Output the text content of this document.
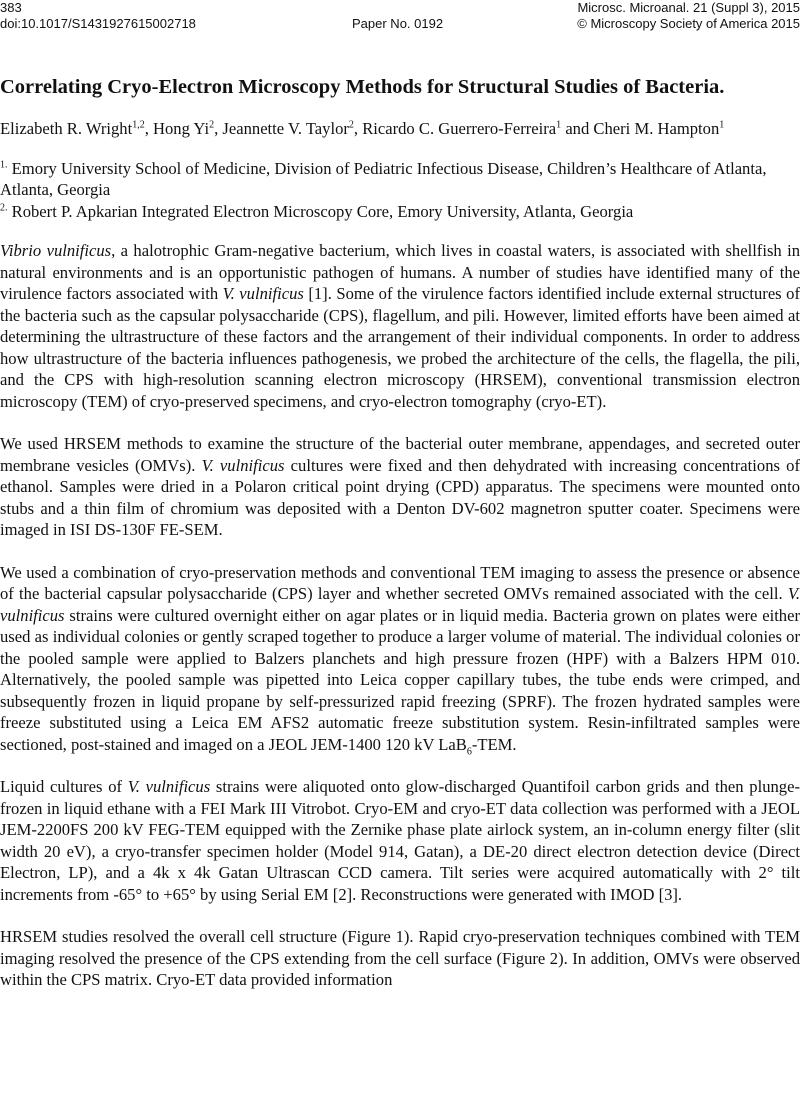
383
doi:10.1017/S1431927615002718	Paper No. 0192
Microsc. Microanal. 21 (Suppl 3), 2015
© Microscopy Society of America 2015
Correlating Cryo-Electron Microscopy Methods for Structural Studies of Bacteria.
Elizabeth R. Wright$^{1,2}$, Hong Yi$^2$, Jeannette V. Taylor$^2$, Ricardo C. Guerrero-Ferreira$^1$ and Cheri M. Hampton$^1$

$^{1.}$ Emory University School of Medicine, Division of Pediatric Infectious Disease, Children’s Healthcare of Atlanta, Atlanta, Georgia

$^{2.}$ Robert P. Apkarian Integrated Electron Microscopy Core, Emory University, Atlanta, Georgia

Vibrio vulnificus, a halotrophic Gram-negative bacterium, which lives in coastal waters, is associated with shellfish in natural environments and is an opportunistic pathogen of humans. A number of studies have identified many of the virulence factors associated with V. vulnificus [1]. Some of the virulence factors identified include external structures of the bacteria such as the capsular polysaccharide (CPS), flagellum, and pili. However, limited efforts have been aimed at determining the ultrastructure of these factors and the arrangement of their individual components. In order to address how ultrastructure of the bacteria influences pathogenesis, we probed the architecture of the cells, the flagella, the pili, and the CPS with high-resolution scanning electron microscopy (HRSEM), conventional transmission electron microscopy (TEM) of cryo-preserved specimens, and cryo-electron tomography (cryo-ET).

We used HRSEM methods to examine the structure of the bacterial outer membrane, appendages, and secreted outer membrane vesicles (OMVs). V. vulnificus cultures were fixed and then dehydrated with increasing concentrations of ethanol. Samples were dried in a Polaron critical point drying (CPD) apparatus. The specimens were mounted onto stubs and a thin film of chromium was deposited with a Denton DV-602 magnetron sputter coater. Specimens were imaged in ISI DS-130F FE-SEM.

We used a combination of cryo-preservation methods and conventional TEM imaging to assess the presence or absence of the bacterial capsular polysaccharide (CPS) layer and whether secreted OMVs remained associated with the cell. V. vulnificus strains were cultured overnight either on agar plates or in liquid media. Bacteria grown on plates were either used as individual colonies or gently scraped together to produce a larger volume of material. The individual colonies or the pooled sample were applied to Balzers planchets and high pressure frozen (HPF) with a Balzers HPM 010. Alternatively, the pooled sample was pipetted into Leica copper capillary tubes, the tube ends were crimped, and subsequently frozen in liquid propane by self-pressurized rapid freezing (SPRF). The frozen hydrated samples were freeze substituted using a Leica EM AFS2 automatic freeze substitution system. Resin-infiltrated samples were sectioned, post-stained and imaged on a JEOL JEM-1400 120 kV LaB$_6$-TEM.

Liquid cultures of V. vulnificus strains were aliquoted onto glow-discharged Quantifoil carbon grids and then plunge-frozen in liquid ethane with a FEI Mark III Vitrobot. Cryo-EM and cryo-ET data collection was performed with a JEOL JEM-2200FS 200 kV FEG-TEM equipped with the Zernike phase plate airlock system, an in-column energy filter (slit width 20 eV), a cryo-transfer specimen holder (Model 914, Gatan), a DE-20 direct electron detection device (Direct Electron, LP), and a 4k x 4k Gatan Ultrascan CCD camera. Tilt series were acquired automatically with 2° tilt increments from -65° to +65° by using Serial EM [2]. Reconstructions were generated with IMOD [3].

HRSEM studies resolved the overall cell structure (Figure 1). Rapid cryo-preservation techniques combined with TEM imaging resolved the presence of the CPS extending from the cell surface (Figure 2). In addition, OMVs were observed within the CPS matrix. Cryo-ET data provided information
